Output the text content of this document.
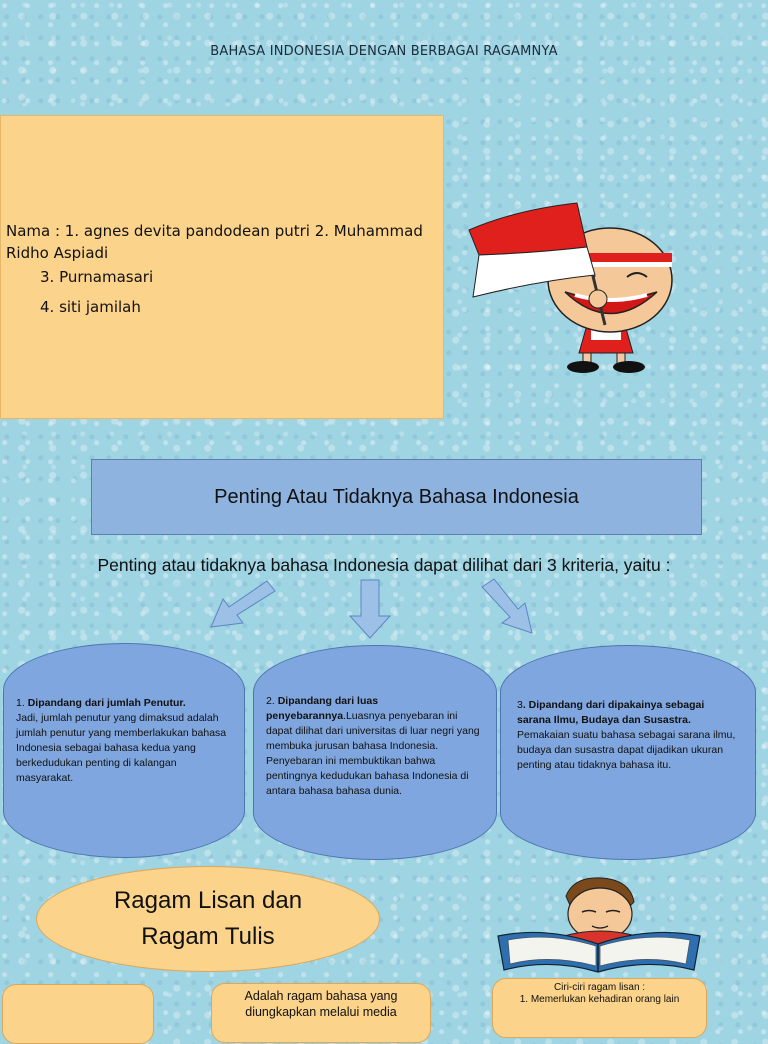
BAHASA INDONESIA DENGAN BERBAGAI RAGAMNYA
Nama : 1. agnes devita pandodean putri 2. Muhammad Ridho Aspiadi
3. Purnamasari
4. siti jamilah
Penting Atau Tidaknya Bahasa Indonesia
Penting atau tidaknya bahasa Indonesia dapat dilihat dari 3 kriteria, yaitu :
1. Dipandang dari jumlah Penutur.
Jadi, jumlah penutur yang dimaksud adalah jumlah penutur yang memberlakukan bahasa Indonesia sebagai bahasa kedua yang berkedudukan penting di kalangan masyarakat.
2. Dipandang dari luas penyebarannya.Luasnya penyebaran ini dapat dilihat dari universitas di luar negri yang membuka jurusan bahasa Indonesia. Penyebaran ini membuktikan bahwa pentingnya kedudukan bahasa Indonesia di antara bahasa bahasa dunia.
3. Dipandang dari dipakainya sebagai sarana Ilmu, Budaya dan Susastra. Pemakaian suatu bahasa sebagai sarana ilmu, budaya dan susastra dapat dijadikan ukuran penting atau tidaknya bahasa itu.
Ragam Lisan dan
Ragam Tulis
Adalah ragam bahasa yang diungkapkan melalui media
Ciri-ciri ragam lisan :
1. Memerlukan kehadiran orang lain
